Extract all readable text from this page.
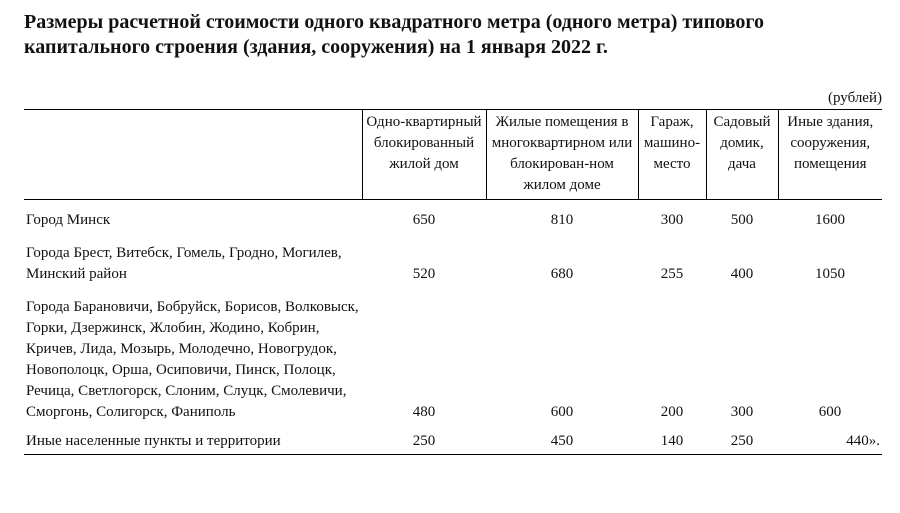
Размеры расчетной стоимости одного квадратного метра (одного метра) типового капитального строения (здания, сооружения) на 1 января 2022 г.
(рублей)
	Одно-квартирный блокированный жилой дом	Жилые помещения в многоквартирном или блокирован-ном жилом доме	Гараж, машино-место	Садовый домик, дача	Иные здания, сооружения, помещения
Город Минск	650	810	300	500	1600
Города Брест, Витебск, Гомель, Гродно, Могилев, Минский район	520	680	255	400	1050
Города Барановичи, Бобруйск, Борисов, Волковыск, Горки, Дзержинск, Жлобин, Жодино, Кобрин, Кричев, Лида, Мозырь, Молодечно, Новогрудок, Новополоцк, Орша, Осиповичи, Пинск, Полоцк, Речица, Светлогорск, Слоним, Слуцк, Смолевичи, Сморгонь, Солигорск, Фаниполь	480	600	200	300	600
Иные населенные пункты и территории	250	450	140	250	440».
